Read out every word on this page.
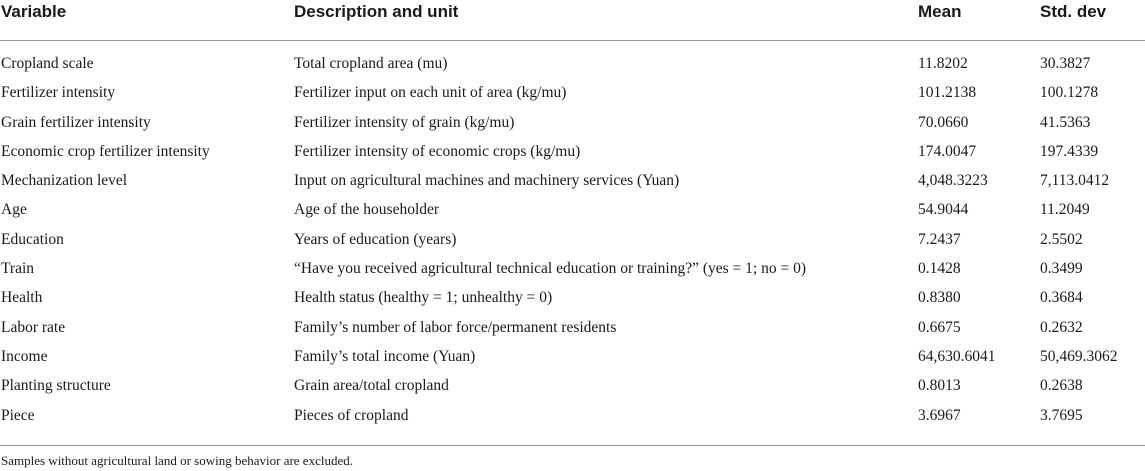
Variable	Description and unit	Mean	Std. dev
Cropland scale	Total cropland area (mu)	11.8202	30.3827
Fertilizer intensity	Fertilizer input on each unit of area (kg/mu)	101.2138	100.1278
Grain fertilizer intensity	Fertilizer intensity of grain (kg/mu)	70.0660	41.5363
Economic crop fertilizer intensity	Fertilizer intensity of economic crops (kg/mu)	174.0047	197.4339
Mechanization level	Input on agricultural machines and machinery services (Yuan)	4,048.3223	7,113.0412
Age	Age of the householder	54.9044	11.2049
Education	Years of education (years)	7.2437	2.5502
Train	“Have you received agricultural technical education or training?” (yes = 1; no = 0)	0.1428	0.3499
Health	Health status (healthy = 1; unhealthy = 0)	0.8380	0.3684
Labor rate	Family’s number of labor force/permanent residents	0.6675	0.2632
Income	Family’s total income (Yuan)	64,630.6041	50,469.3062
Planting structure	Grain area/total cropland	0.8013	0.2638
Piece	Pieces of cropland	3.6967	3.7695
Samples without agricultural land or sowing behavior are excluded.
